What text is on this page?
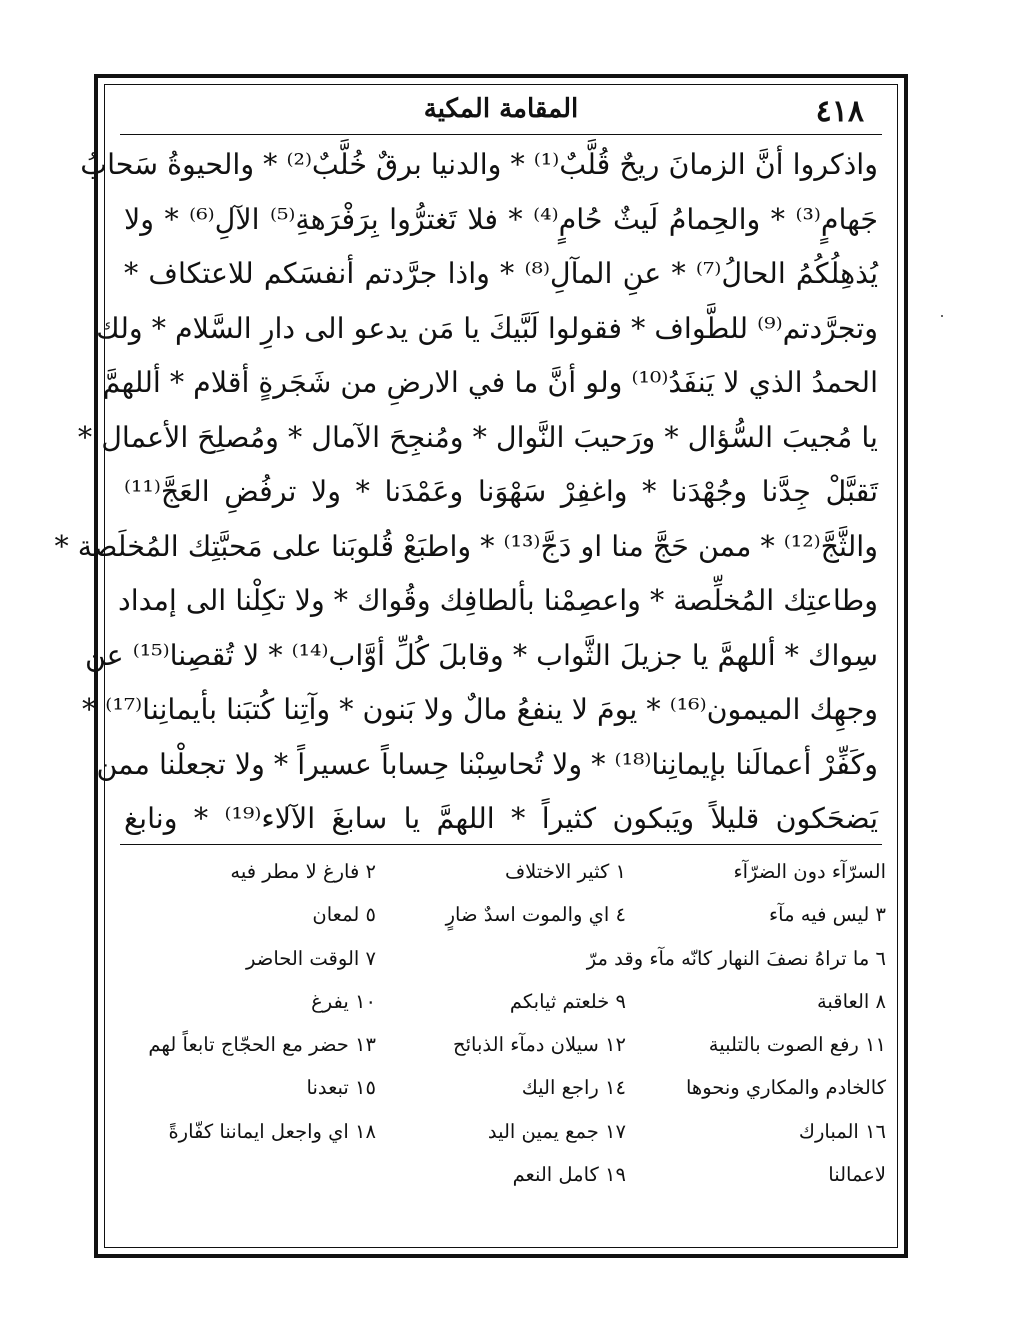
٤١٨
المقامة المكية
واذكروا أنَّ الزمانَ ريحٌ قُلَّبٌ⁽¹⁾ * والدنيا برقٌ خُلَّبٌ⁽²⁾ * والحيوةُ سَحابُ
جَهامٍ⁽³⁾ * والحِمامُ لَيثٌ حُامٍ⁽⁴⁾ * فلا تَغترُّوا بِرَفْرَهةِ⁽⁵⁾ الآلِ⁽⁶⁾ * ولا
يُذهِلُكُمُ الحالُ⁽⁷⁾ * عنِ المآلِ⁽⁸⁾ * واذا جرَّدتم أنفسَكم للاعتكاف *
وتجرَّدتم⁽⁹⁾ للطَّواف * فقولوا لَبَّيكَ يا مَن يدعو الى دارِ السَّلام * ولك
الحمدُ الذي لا يَنفَدُ⁽¹⁰⁾ ولو أنَّ ما في الارضِ من شَجَرةٍ أقلام * أللهمَّ
يا مُجيبَ السُّؤال * ورَحيبَ النَّوال * ومُنجِحَ الآمال * ومُصلِحَ الأعمال *
تَقبَّلْ جِدَّنا وجُهْدَنا * واغفِرْ سَهْوَنا وعَمْدَنا * ولا ترفُضِ العَجَّ⁽¹¹⁾
والثَّجَّ⁽¹²⁾ * ممن حَجَّ منا او دَجَّ⁽¹³⁾ * واطبَعْ قُلوبَنا على مَحبَّتِك المُخلَصة *
وطاعتِك المُخلِّصة * واعصِمْنا بألطافِك وقُواك * ولا تكِلْنا الى إمداد
سِواك * أللهمَّ يا جزيلَ الثَّواب * وقابلَ كُلِّ أوَّاب⁽¹⁴⁾ * لا تُقصِنا⁽¹⁵⁾ عن
وجهِك الميمون⁽¹⁶⁾ * يومَ لا ينفعُ مالٌ ولا بَنون * وآتِنا كُتبَنا بأيمانِنا⁽¹⁷⁾ *
وكَفِّرْ أعمالَنا بإيمانِنا⁽¹⁸⁾ * ولا تُحاسِبْنا حِساباً عسيراً * ولا تجعلْنا ممن
يَضحَكون قليلاً ويَبكون كثيراً * اللهمَّ يا سابغَ الآلاء⁽¹⁹⁾ * ونابغ
السرّآء دون الضرّآء
١ كثير الاختلاف
٢ فارغ لا مطر فيه
٣ ليس فيه مآء
٤ اي والموت اسدٌ ضارٍ
٥ لمعان
٦ ما تراهُ نصفَ النهار كانّه مآء وقد مرّ
٧ الوقت الحاضر
٨ العاقبة
٩ خلعتم ثيابكم
١٠ يفرغ
١١ رفع الصوت بالتلبية
١٢ سيلان دمآء الذبائح
١٣ حضر مع الحجّاج تابعاً لهم
كالخادم والمكاري ونحوها
١٤ راجع اليك
١٥ تبعدنا
١٦ المبارك
١٧ جمع يمين اليد
١٨ اي واجعل ايماننا كفّارةً
لاعمالنا
١٩ كامل النعم
